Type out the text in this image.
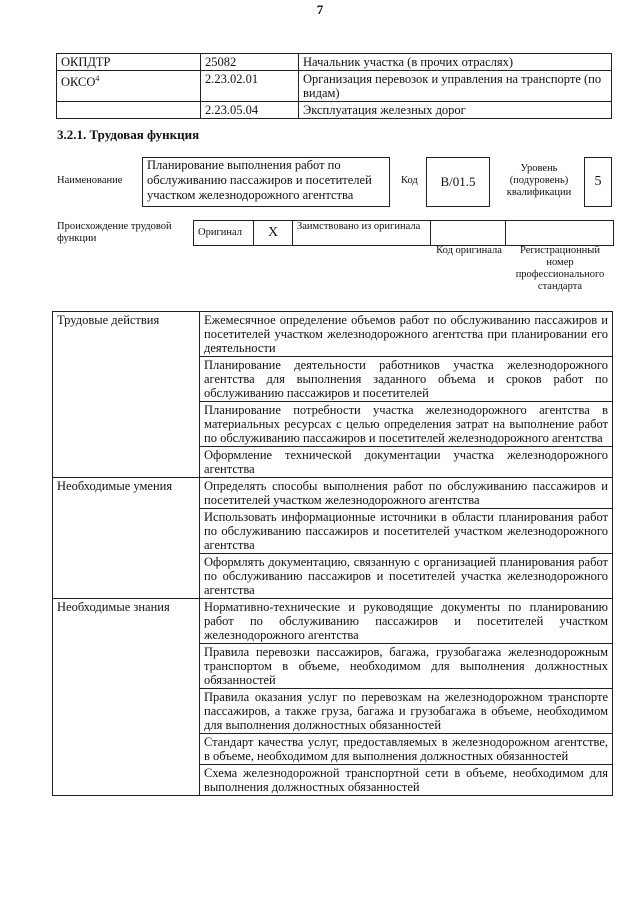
7
ОКПДТР	25082	Начальник участка (в прочих отраслях)
ОКСО$^4$	2.23.02.01	Организация перевозок и управления на транспорте (по видам)
	2.23.05.04	Эксплуатация железных дорог
3.2.1. Трудовая функция
Наименование
Планирование выполнения работ по обслуживанию пассажиров и посетителей участком железнодорожного агентства
Код	B/01.5
Уровень (подуровень) квалификации
5
Происхождение трудовой функции
Оригинал	Х	Заимствовано из оригинала		
Код оригинала	Регистрационный номер профессионального стандарта
Трудовые действия	Ежемесячное определение объемов работ по обслуживанию пассажиров и посетителей участком железнодорожного агентства при планировании его деятельности
	Планирование деятельности работников участка железнодорожного агентства для выполнения заданного объема и сроков работ по обслуживанию пассажиров и посетителей
	Планирование потребности участка железнодорожного агентства в материальных ресурсах с целью определения затрат на выполнение работ по обслуживанию пассажиров и посетителей железнодорожного агентства
	Оформление технической документации участка железнодорожного агентства
Необходимые умения	Определять способы выполнения работ по обслуживанию пассажиров и посетителей участком железнодорожного агентства
	Использовать информационные источники в области планирования работ по обслуживанию пассажиров и посетителей участком железнодорожного агентства
	Оформлять документацию, связанную с организацией планирования работ по обслуживанию пассажиров и посетителей участка железнодорожного агентства
Необходимые знания	Нормативно-технические и руководящие документы по планированию работ по обслуживанию пассажиров и посетителей участком железнодорожного агентства
	Правила перевозки пассажиров, багажа, грузобагажа железнодорожным транспортом в объеме, необходимом для выполнения должностных обязанностей
	Правила оказания услуг по перевозкам на железнодорожном транспорте пассажиров, а также груза, багажа и грузобагажа в объеме, необходимом для выполнения должностных обязанностей
	Стандарт качества услуг, предоставляемых в железнодорожном агентстве, в объеме, необходимом для выполнения должностных обязанностей
	Схема железнодорожной транспортной сети в объеме, необходимом для выполнения должностных обязанностей
